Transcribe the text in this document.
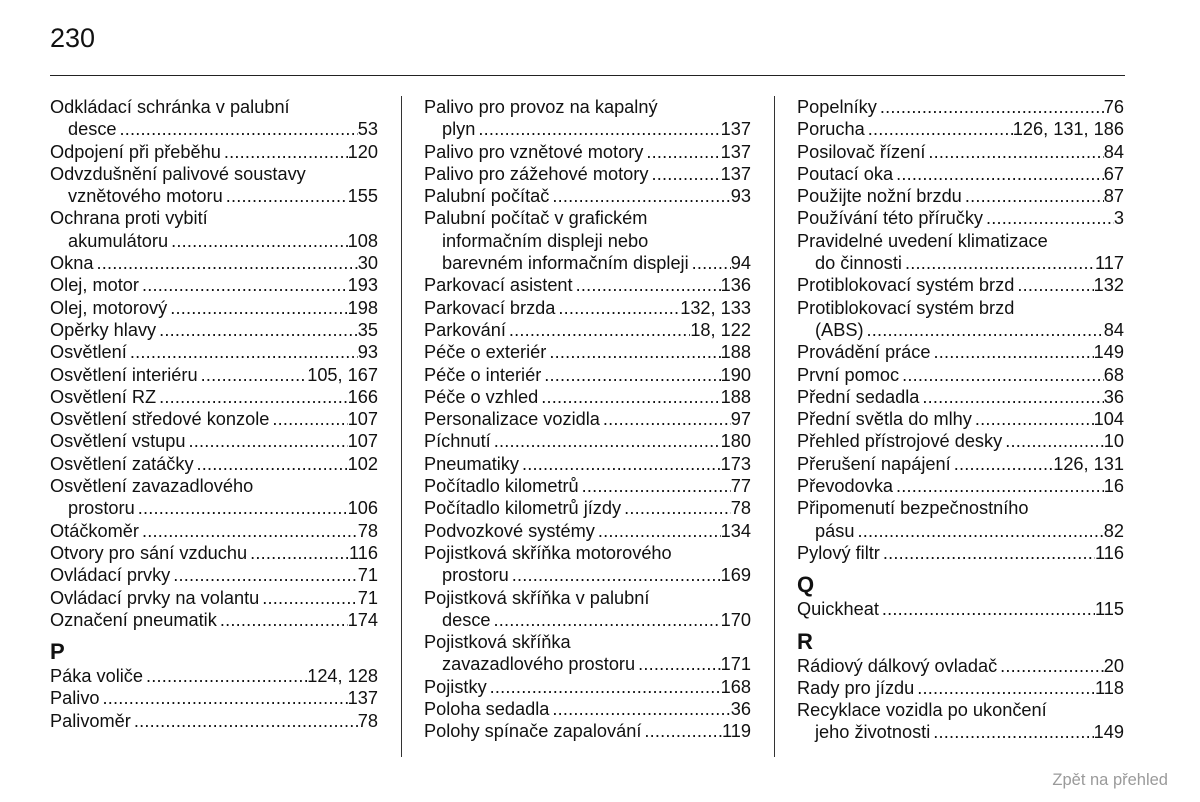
230
Odkládací schránka v palubní
desce .....	53
Odpojení při přeběhu .....	120
Odvzdušnění palivové soustavy
vznětového motoru .....	155
Ochrana proti vybití
akumulátoru .....	108
Okna .....	30
Olej, motor .....	193
Olej, motorový .....	198
Opěrky hlavy .....	35
Osvětlení .....	93
Osvětlení interiéru .....	105, 167
Osvětlení RZ .....	166
Osvětlení středové konzole .....	107
Osvětlení vstupu .....	107
Osvětlení zatáčky .....	102
Osvětlení zavazadlového
prostoru .....	106
Otáčkoměr .....	78
Otvory pro sání vzduchu .....	116
Ovládací prvky .....	71
Ovládací prvky na volantu .....	71
Označení pneumatik .....	174
P
Páka voliče .....	124, 128
Palivo .....	137
Palivoměr .....	78
Palivo pro provoz na kapalný
plyn .....	137
Palivo pro vznětové motory .....	137
Palivo pro zážehové motory .....	137
Palubní počítač .....	93
Palubní počítač v grafickém
informačním displeji nebo
barevném informačním displeji ..... 94
Parkovací asistent .....	136
Parkovací brzda .....	132, 133
Parkování .....	18, 122
Péče o exteriér .....	188
Péče o interiér .....	190
Péče o vzhled .....	188
Personalizace vozidla .....	97
Píchnutí .....	180
Pneumatiky .....	173
Počítadlo kilometrů .....	77
Počítadlo kilometrů jízdy .....	78
Podvozkové systémy .....	134
Pojistková skříňka motorového
prostoru .....	169
Pojistková skříňka v palubní
desce .....	170
Pojistková skříňka
zavazadlového prostoru .....	171
Pojistky .....	168
Poloha sedadla .....	36
Polohy spínače zapalování .....	119
Popelníky .....	76
Porucha .....	126, 131, 186
Posilovač řízení .....	84
Poutací oka .....	67
Použijte nožní brzdu .....	87
Používání této příručky .....	3
Pravidelné uvedení klimatizace
do činnosti .....	117
Protiblokovací systém brzd .....	132
Protiblokovací systém brzd
(ABS) .....	84
Provádění práce .....	149
První pomoc .....	68
Přední sedadla .....	36
Přední světla do mlhy .....	104
Přehled přístrojové desky .....	10
Přerušení napájení .....	126, 131
Převodovka .....	16
Připomenutí bezpečnostního
pásu .....	82
Pylový filtr .....	116
Q
Quickheat .....	115
R
Rádiový dálkový ovladač .....	20
Rady pro jízdu .....	118
Recyklace vozidla po ukončení
jeho životnosti .....	149
Zpět na přehled
